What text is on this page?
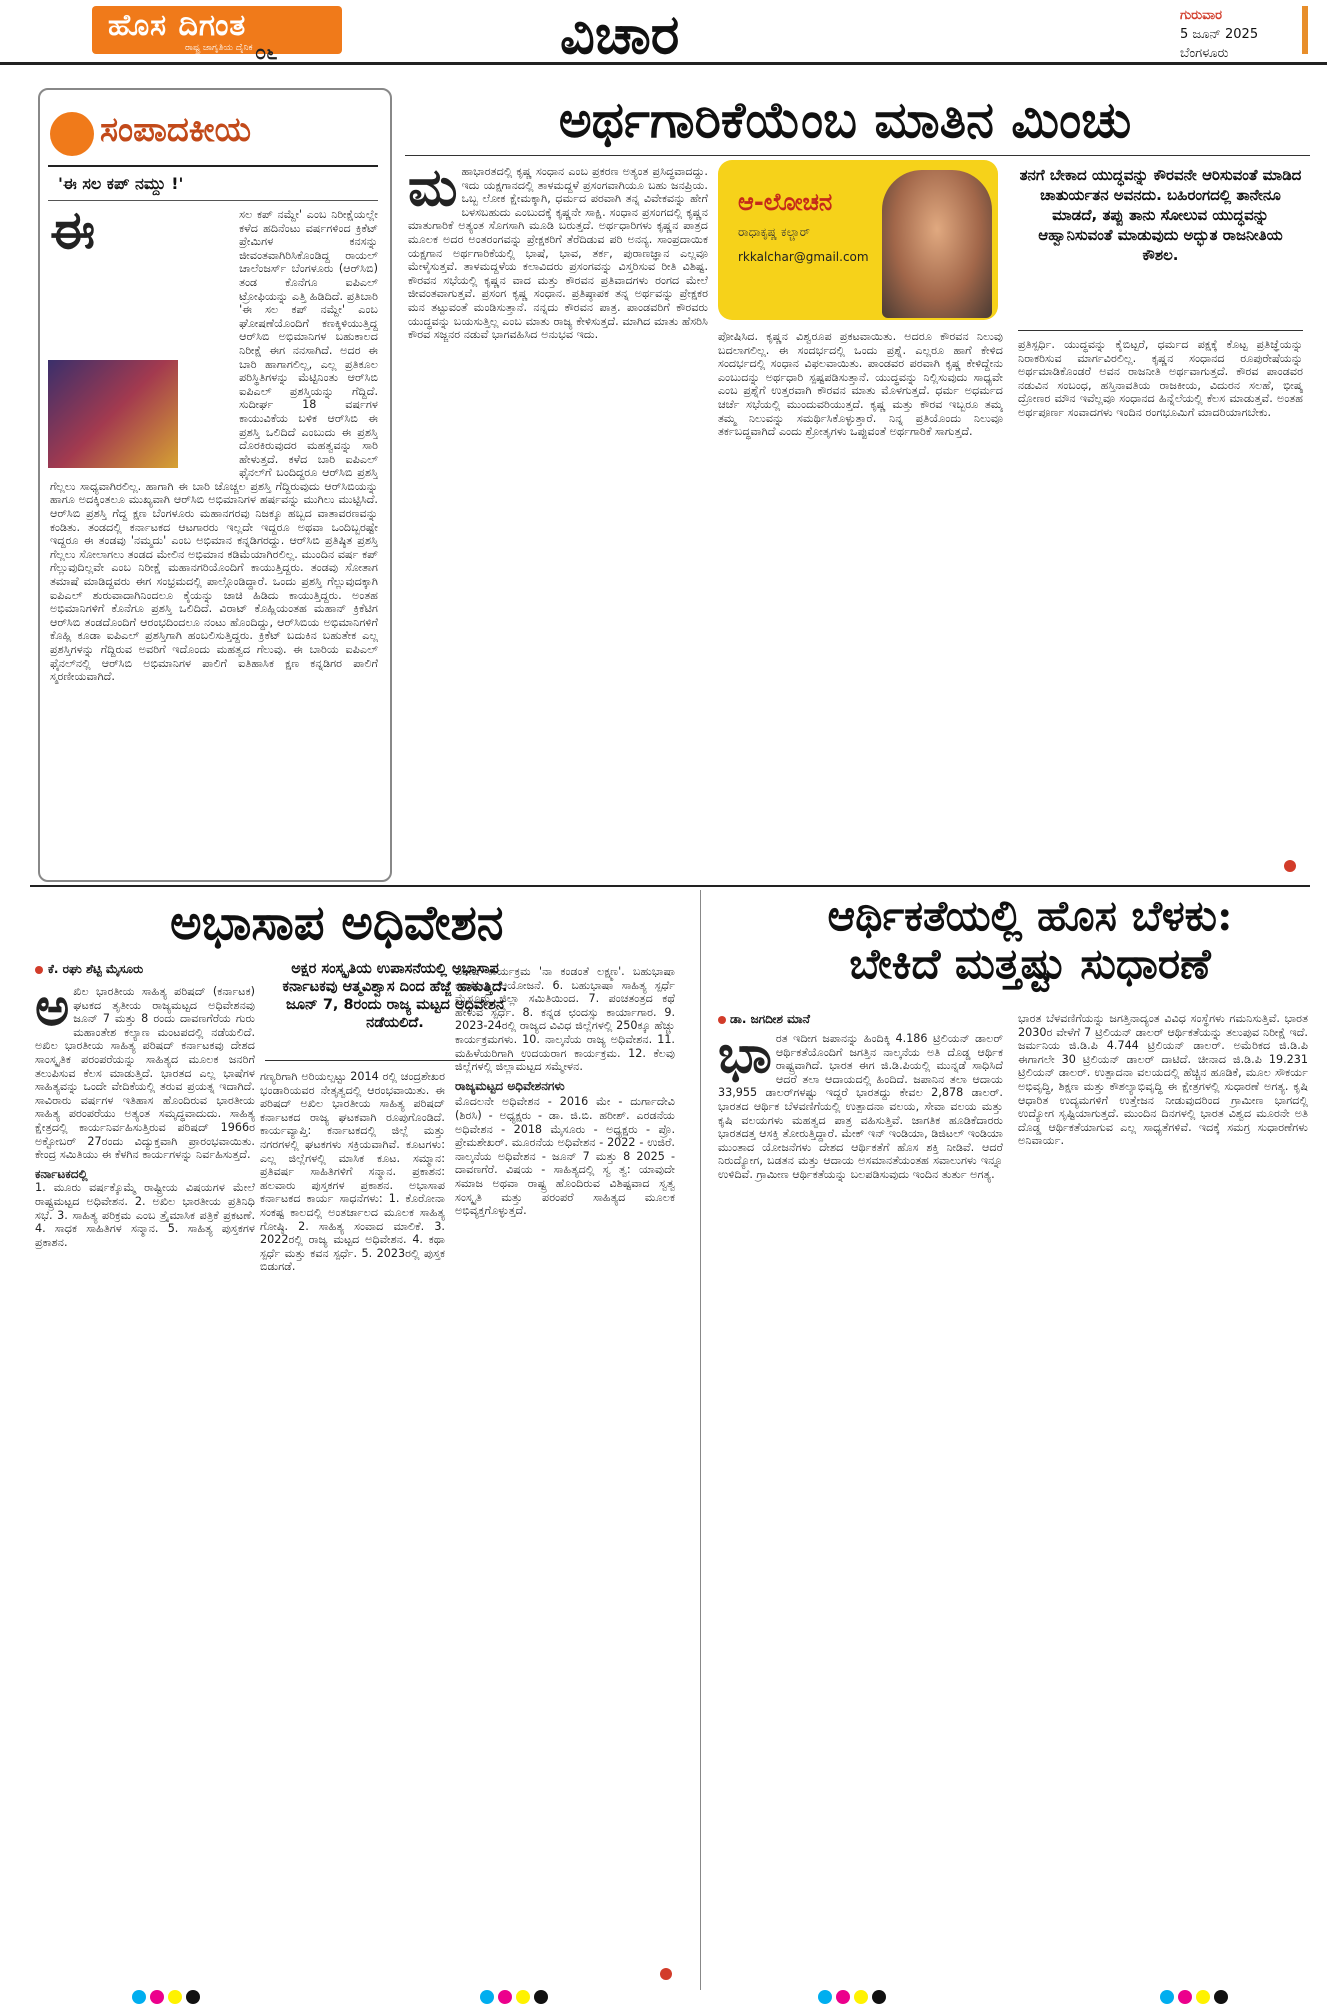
ಹೊಸ ದಿಗಂತ
ರಾಷ್ಟ್ರ ಜಾಗೃತಿಯ ದೈನಿಕ ೦೬	ವಿಚಾರ	ಗುರುವಾರ
5 ಜೂನ್ 2025
ಬೆಂಗಳೂರು
ಸಂಪಾದಕೀಯ
'ಈ ಸಲ ಕಪ್ ನಮ್ದು !'
ಈ	ಸಲ ಕಪ್ ನಮ್ದೇ' ಎಂಬ ನಿರೀಕ್ಷೆಯಲ್ಲೇ ಕಳೆದ ಹದಿನೆಂಟು ವರ್ಷಗಳಿಂದ ಕ್ರಿಕೆಟ್ ಪ್ರೇಮಿಗಳ ಕನಸನ್ನು ಜೀವಂತವಾಗಿರಿಸಿಕೊಂಡಿದ್ದ ರಾಯಲ್ ಚಾಲೆಂಜರ್ಸ್ ಬೆಂಗಳೂರು (ಆರ್‌ಸಿಬಿ) ತಂಡ ಕೊನೆಗೂ ಐಪಿಎಲ್ ಟ್ರೋಫಿಯನ್ನು ಎತ್ತಿ ಹಿಡಿದಿದೆ. ಪ್ರತಿಬಾರಿ 'ಈ ಸಲ ಕಪ್ ನಮ್ದೇ' ಎಂಬ ಘೋಷಣೆಯೊಂದಿಗೆ ಕಣಕ್ಕಿಳಿಯುತ್ತಿದ್ದ ಆರ್‌ಸಿಬಿ ಅಭಿಮಾನಿಗಳ ಬಹುಕಾಲದ ನಿರೀಕ್ಷೆ ಈಗ ನನಸಾಗಿದೆ. ಅದರ ಈ ಬಾರಿ ಹಾಗಾಗಲಿಲ್ಲ, ಎಲ್ಲ ಪ್ರತಿಕೂಲ ಪರಿಸ್ಥಿತಿಗಳನ್ನು ಮೆಟ್ಟಿನಿಂತು ಆರ್‌ಸಿಬಿ ಐಪಿಎಲ್ ಪ್ರಶಸ್ತಿಯನ್ನು ಗೆದ್ದಿದೆ. ಸುದೀರ್ಘ 18 ವರ್ಷಗಳ ಕಾಯುವಿಕೆಯ ಬಳಿಕ ಆರ್‌ಸಿಬಿ ಈ ಪ್ರಶಸ್ತಿ ಒಲಿದಿದೆ ಎಂಬುದು ಈ ಪ್ರಶಸ್ತಿ ದೊರಕಿರುವುದರ ಮಹತ್ವವನ್ನು ಸಾರಿ ಹೇಳುತ್ತದೆ. ಕಳೆದ ಬಾರಿ ಐಪಿಎಲ್ ಫೈನಲ್‌ಗೆ ಬಂದಿದ್ದರೂ ಆರ್‌ಸಿಬಿ ಪ್ರಶಸ್ತಿ ಗೆಲ್ಲಲು ಸಾಧ್ಯವಾಗಿರಲಿಲ್ಲ. ಹಾಗಾಗಿ ಈ ಬಾರಿ ಚೊಚ್ಚಲ ಪ್ರಶಸ್ತಿ ಗೆದ್ದಿರುವುದು ಆರ್‌ಸಿಬಿಯನ್ನು ಹಾಗೂ ಅದಕ್ಕಿಂತಲೂ ಮುಖ್ಯವಾಗಿ ಆರ್‌ಸಿಬಿ ಅಭಿಮಾನಿಗಳ ಹರ್ಷವನ್ನು ಮುಗಿಲು ಮುಟ್ಟಿಸಿದೆ. ಆರ್‌ಸಿಬಿ ಪ್ರಶಸ್ತಿ ಗೆದ್ದ ಕ್ಷಣ ಬೆಂಗಳೂರು ಮಹಾನಗರವು ನಿಜಕ್ಕೂ ಹಬ್ಬದ ವಾತಾವರಣವನ್ನು ಕಂಡಿತು. ತಂಡದಲ್ಲಿ ಕರ್ನಾಟಕದ ಆಟಗಾರರು ಇಲ್ಲದೇ ಇದ್ದರೂ ಅಥವಾ ಒಂದಿಬ್ಬರಷ್ಟೇ ಇದ್ದರೂ ಈ ತಂಡವು 'ನಮ್ಮದು' ಎಂಬ ಅಭಿಮಾನ ಕನ್ನಡಿಗರದ್ದು. ಆರ್‌ಸಿಬಿ ಪ್ರತಿಷ್ಠಿತ ಪ್ರಶಸ್ತಿ ಗೆಲ್ಲಲು ಸೋಲಾಗಲು ತಂಡದ ಮೇಲಿನ ಅಭಿಮಾನ ಕಡಿಮೆಯಾಗಿರಲಿಲ್ಲ. ಮುಂದಿನ ವರ್ಷ ಕಪ್ ಗೆಲ್ಲುವುದಿಲ್ಲವೇ ಎಂಬ ನಿರೀಕ್ಷೆ ಮಹಾನಗರಿಯೊಂದಿಗೆ ಕಾಯುತ್ತಿದ್ದರು. ತಂಡವು ಸೋತಾಗ ತಮಾಷೆ ಮಾಡಿದ್ದವರು ಈಗ ಸಂಭ್ರಮದಲ್ಲಿ ಪಾಲ್ಗೊಂಡಿದ್ದಾರೆ. ಒಂದು ಪ್ರಶಸ್ತಿ ಗೆಲ್ಲುವುದಕ್ಕಾಗಿ ಐಪಿಎಲ್ ಶುರುವಾದಾಗಿನಿಂದಲೂ ಕೈಯನ್ನು ಚಾಚಿ ಹಿಡಿದು ಕಾಯುತ್ತಿದ್ದರು. ಅಂತಹ ಅಭಿಮಾನಿಗಳಿಗೆ ಕೊನೆಗೂ ಪ್ರಶಸ್ತಿ ಒಲಿದಿದೆ. ವಿರಾಟ್ ಕೊಹ್ಲಿಯಂತಹ ಮಹಾನ್ ಕ್ರಿಕೆಟಿಗ ಆರ್‌ಸಿಬಿ ತಂಡದೊಂದಿಗೆ ಆರಂಭದಿಂದಲೂ ನಂಟು ಹೊಂದಿದ್ದು, ಆರ್‌ಸಿಬಿಯ ಅಭಿಮಾನಿಗಳಿಗೆ ಕೊಹ್ಲಿ ಕೂಡಾ ಐಪಿಎಲ್ ಪ್ರಶಸ್ತಿಗಾಗಿ ಹಂಬಲಿಸುತ್ತಿದ್ದರು. ಕ್ರಿಕೆಟ್ ಬದುಕಿನ ಬಹುತೇಕ ಎಲ್ಲ ಪ್ರಶಸ್ತಿಗಳನ್ನು ಗೆದ್ದಿರುವ ಅವರಿಗೆ ಇದೊಂದು ಮಹತ್ವದ ಗೆಲುವು. ಈ ಬಾರಿಯ ಐಪಿಎಲ್ ಫೈನಲ್‌ನಲ್ಲಿ ಆರ್‌ಸಿಬಿ ಅಭಿಮಾನಿಗಳ ಪಾಲಿಗೆ ಐತಿಹಾಸಿಕ ಕ್ಷಣ ಕನ್ನಡಿಗರ ಪಾಲಿಗೆ ಸ್ಮರಣೀಯವಾಗಿದೆ.
ಅರ್ಥಗಾರಿಕೆಯೆಂಬ ಮಾತಿನ ಮಿಂಚು
ಮ ಹಾಭಾರತದಲ್ಲಿ ಕೃಷ್ಣ ಸಂಧಾನ ಎಂಬ ಪ್ರಕರಣ ಅತ್ಯಂತ ಪ್ರಸಿದ್ಧವಾದದ್ದು. ಇದು ಯಕ್ಷಗಾನದಲ್ಲಿ ತಾಳಮದ್ದಳೆ ಪ್ರಸಂಗವಾಗಿಯೂ ಬಹು ಜನಪ್ರಿಯ. ಒಬ್ಬ ಲೋಕ ಕ್ಷೇಮಕ್ಕಾಗಿ, ಧರ್ಮದ ಪರವಾಗಿ ತನ್ನ ವಿವೇಕವನ್ನು ಹೇಗೆ ಬಳಸಬಹುದು ಎಂಬುದಕ್ಕೆ ಕೃಷ್ಣನೇ ಸಾಕ್ಷಿ. ಸಂಧಾನ ಪ್ರಸಂಗದಲ್ಲಿ ಕೃಷ್ಣನ ಮಾತುಗಾರಿಕೆ ಅತ್ಯಂತ ಸೊಗಸಾಗಿ ಮೂಡಿ ಬರುತ್ತದೆ. ಅರ್ಥಧಾರಿಗಳು ಕೃಷ್ಣನ ಪಾತ್ರದ ಮೂಲಕ ಅದರ ಅಂತರಂಗವನ್ನು ಪ್ರೇಕ್ಷಕರಿಗೆ ತೆರೆದಿಡುವ ಪರಿ ಅನನ್ಯ. ಸಾಂಪ್ರದಾಯಿಕ ಯಕ್ಷಗಾನ ಅರ್ಥಗಾರಿಕೆಯಲ್ಲಿ ಭಾಷೆ, ಭಾವ, ತರ್ಕ, ಪುರಾಣಜ್ಞಾನ ಎಲ್ಲವೂ ಮೇಳೈಸುತ್ತವೆ. ತಾಳಮದ್ದಳೆಯ ಕಲಾವಿದರು ಪ್ರಸಂಗವನ್ನು ವಿಸ್ತರಿಸುವ ರೀತಿ ವಿಶಿಷ್ಟ. ಕೌರವನ ಸಭೆಯಲ್ಲಿ ಕೃಷ್ಣನ ವಾದ ಮತ್ತು ಕೌರವನ ಪ್ರತಿವಾದಗಳು ರಂಗದ ಮೇಲೆ ಜೀವಂತವಾಗುತ್ತವೆ. ಪ್ರಸಂಗ ಕೃಷ್ಣ ಸಂಧಾನ. ಪ್ರತಿಷ್ಠಾಪಕ ತನ್ನ ಅರ್ಥವನ್ನು ಪ್ರೇಕ್ಷಕರ ಮನ ತಟ್ಟುವಂತೆ ಮಂಡಿಸುತ್ತಾನೆ. ನನ್ನದು ಕೌರವನ ಪಾತ್ರ. ಪಾಂಡವರಿಗೆ ಕೌರವರು ಯುದ್ಧವನ್ನು ಬಯಸುತ್ತಿಲ್ಲ ಎಂಬ ಮಾತು ರಾಜ್ಯ ಕೇಳಿಸುತ್ತದೆ. ಮಾಗಿದ ಮಾತು ಹೆಸರಿಸಿ ಕೌರವ ಸಜ್ಜನರ ನಡುವೆ ಭಾಗವಹಿಸಿದ ಅನುಭವ ಇದು.
ಆ-ಲೋಚನ
ರಾಧಾಕೃಷ್ಣ ಕಲ್ಚಾರ್
rkkalchar@gmail.com
ಪೋಷಿಸಿದ. ಕೃಷ್ಣನ ವಿಶ್ವರೂಪ ಪ್ರಕಟವಾಯಿತು. ಅದರೂ ಕೌರವನ ನಿಲುವು ಬದಲಾಗಲಿಲ್ಲ. ಈ ಸಂದರ್ಭದಲ್ಲಿ ಒಂದು ಪ್ರಶ್ನೆ. ಎಲ್ಲರೂ ಹಾಗೆ ಕೇಳಿದ ಸಂದರ್ಭದಲ್ಲಿ ಸಂಧಾನ ವಿಫಲವಾಯಿತು. ಪಾಂಡವರ ಪರವಾಗಿ ಕೃಷ್ಣ ಕೇಳಿದ್ದೇನು ಎಂಬುದನ್ನು ಅರ್ಥಧಾರಿ ಸ್ಪಷ್ಟಪಡಿಸುತ್ತಾನೆ. ಯುದ್ಧವನ್ನು ನಿಲ್ಲಿಸುವುದು ಸಾಧ್ಯವೇ ಎಂಬ ಪ್ರಶ್ನೆಗೆ ಉತ್ತರವಾಗಿ ಕೌರವನ ಮಾತು ಮೊಳಗುತ್ತದೆ. ಧರ್ಮ ಅಧರ್ಮದ ಚರ್ಚೆ ಸಭೆಯಲ್ಲಿ ಮುಂದುವರಿಯುತ್ತದೆ. ಕೃಷ್ಣ ಮತ್ತು ಕೌರವ ಇಬ್ಬರೂ ತಮ್ಮ ತಮ್ಮ ನಿಲುವನ್ನು ಸಮರ್ಥಿಸಿಕೊಳ್ಳುತ್ತಾರೆ. ನಿನ್ನ ಪ್ರತಿಯೊಂದು ನಿಲುವೂ ತರ್ಕಬದ್ಧವಾಗಿದೆ ಎಂದು ಶ್ರೋತೃಗಳು ಒಪ್ಪುವಂತೆ ಅರ್ಥಗಾರಿಕೆ ಸಾಗುತ್ತದೆ.
ತನಗೆ ಬೇಕಾದ ಯುದ್ಧವನ್ನು ಕೌರವನೇ ಆರಿಸುವಂತೆ ಮಾಡಿದ ಚಾತುರ್ಯತನ ಅವನದು. ಬಹಿರಂಗದಲ್ಲಿ ತಾನೇನೂ ಮಾಡದೆ, ತಪ್ಪು ತಾನು ಸೋಲುವ ಯುದ್ಧವನ್ನು ಆಹ್ವಾನಿಸುವಂತೆ ಮಾಡುವುದು ಅದ್ಭುತ ರಾಜನೀತಿಯ ಕೌಶಲ.
ಪ್ರತಿಸ್ಪರ್ಧಿ. ಯುದ್ಧವನ್ನು ಕೈಬಿಟ್ಟರೆ, ಧರ್ಮದ ಪಕ್ಷಕ್ಕೆ ಕೊಟ್ಟ ಪ್ರತಿಜ್ಞೆಯನ್ನು ನಿರಾಕರಿಸುವ ಮಾರ್ಗವಿರಲಿಲ್ಲ. ಕೃಷ್ಣನ ಸಂಧಾನದ ರೂಪುರೇಷೆಯನ್ನು ಅರ್ಥಮಾಡಿಕೊಂಡರೆ ಅವನ ರಾಜನೀತಿ ಅರ್ಥವಾಗುತ್ತದೆ. ಕೌರವ ಪಾಂಡವರ ನಡುವಿನ ಸಂಬಂಧ, ಹಸ್ತಿನಾವತಿಯ ರಾಜಕೀಯ, ವಿದುರನ ಸಲಹೆ, ಭೀಷ್ಮ ದ್ರೋಣರ ಮೌನ ಇವೆಲ್ಲವೂ ಸಂಧಾನದ ಹಿನ್ನೆಲೆಯಲ್ಲಿ ಕೆಲಸ ಮಾಡುತ್ತವೆ. ಅಂತಹ ಅರ್ಥಪೂರ್ಣ ಸಂವಾದಗಳು ಇಂದಿನ ರಂಗಭೂಮಿಗೆ ಮಾದರಿಯಾಗಬೇಕು.
ಅಭಾಸಾಪ ಅಧಿವೇಶನ
ಕೆ. ರಘು ಶೆಟ್ಟಿ ಮೈಸೂರು
ಅ ಖಿಲ ಭಾರತೀಯ ಸಾಹಿತ್ಯ ಪರಿಷದ್ (ಕರ್ನಾಟಕ) ಘಟಕದ ತೃತೀಯ ರಾಜ್ಯಮಟ್ಟದ ಅಧಿವೇಶನವು ಜೂನ್ 7 ಮತ್ತು 8 ರಂದು ದಾವಣಗೆರೆಯ ಗುರು ಮಹಾಂತೇಶ ಕಲ್ಯಾಣ ಮಂಟಪದಲ್ಲಿ ನಡೆಯಲಿದೆ. ಅಖಿಲ ಭಾರತೀಯ ಸಾಹಿತ್ಯ ಪರಿಷದ್ ಕರ್ನಾಟಕವು ದೇಶದ ಸಾಂಸ್ಕೃತಿಕ ಪರಂಪರೆಯನ್ನು ಸಾಹಿತ್ಯದ ಮೂಲಕ ಜನರಿಗೆ ತಲುಪಿಸುವ ಕೆಲಸ ಮಾಡುತ್ತಿದೆ. ಭಾರತದ ಎಲ್ಲ ಭಾಷೆಗಳ ಸಾಹಿತ್ಯವನ್ನು ಒಂದೇ ವೇದಿಕೆಯಲ್ಲಿ ತರುವ ಪ್ರಯತ್ನ ಇದಾಗಿದೆ. ಸಾವಿರಾರು ವರ್ಷಗಳ ಇತಿಹಾಸ ಹೊಂದಿರುವ ಭಾರತೀಯ ಸಾಹಿತ್ಯ ಪರಂಪರೆಯು ಅತ್ಯಂತ ಸಮೃದ್ಧವಾದುದು. ಸಾಹಿತ್ಯ ಕ್ಷೇತ್ರದಲ್ಲಿ ಕಾರ್ಯನಿರ್ವಹಿಸುತ್ತಿರುವ ಪರಿಷದ್ 1966ರ ಅಕ್ಟೋಬರ್ 27ರಂದು ವಿದ್ಯುಕ್ತವಾಗಿ ಪ್ರಾರಂಭವಾಯಿತು. ಕೇಂದ್ರ ಸಮಿತಿಯು ಈ ಕೆಳಗಿನ ಕಾರ್ಯಗಳನ್ನು ನಿರ್ವಹಿಸುತ್ತದೆ.
ಕರ್ನಾಟಕದಲ್ಲಿ
1. ಮೂರು ವರ್ಷಕ್ಕೊಮ್ಮೆ ರಾಷ್ಟ್ರೀಯ ವಿಷಯಗಳ ಮೇಲೆ ರಾಷ್ಟ್ರಮಟ್ಟದ ಅಧಿವೇಶನ. 2. ಅಖಿಲ ಭಾರತೀಯ ಪ್ರತಿನಿಧಿ ಸಭೆ. 3. ಸಾಹಿತ್ಯ ಪರಿಕ್ರಮ ಎಂಬ ತ್ರೈಮಾಸಿಕ ಪತ್ರಿಕೆ ಪ್ರಕಟಣೆ. 4. ಸಾಧಕ ಸಾಹಿತಿಗಳ ಸನ್ಮಾನ. 5. ಸಾಹಿತ್ಯ ಪುಸ್ತಕಗಳ ಪ್ರಕಾಶನ.
ಅಕ್ಷರ ಸಂಸ್ಕೃತಿಯ ಉಪಾಸನೆಯಲ್ಲಿ ಅಭಾಸಾಪ ಕರ್ನಾಟಕವು ಆತ್ಮವಿಶ್ವಾಸ ದಿಂದ ಹೆಜ್ಜೆ ಹಾಕುತ್ತಿದೆ. ಜೂನ್ 7, 8ರಂದು ರಾಜ್ಯ ಮಟ್ಟದ ಅಧಿವೇಶನ ನಡೆಯಲಿದೆ.
ಗಣ್ಯರಿಗಾಗಿ ಅರಿಯಲ್ಪಟ್ಟು 2014 ರಲ್ಲಿ ಚಂದ್ರಶೇಖರ ಭಂಡಾರಿಯವರ ನೇತೃತ್ವದಲ್ಲಿ ಆರಂಭವಾಯಿತು. ಈ ಪರಿಷದ್ ಅಖಿಲ ಭಾರತೀಯ ಸಾಹಿತ್ಯ ಪರಿಷದ್ ಕರ್ನಾಟಕದ ರಾಜ್ಯ ಘಟಕವಾಗಿ ರೂಪುಗೊಂಡಿದೆ. ಕಾರ್ಯವ್ಯಾಪ್ತಿ: ಕರ್ನಾಟಕದಲ್ಲಿ ಜಿಲ್ಲೆ ಮತ್ತು ನಗರಗಳಲ್ಲಿ ಘಟಕಗಳು ಸಕ್ರಿಯವಾಗಿವೆ. ಕೂಟಗಳು: ಎಲ್ಲ ಜಿಲ್ಲೆಗಳಲ್ಲಿ ಮಾಸಿಕ ಕೂಟ. ಸಮ್ಮಾನ: ಪ್ರತಿವರ್ಷ ಸಾಹಿತಿಗಳಿಗೆ ಸನ್ಮಾನ. ಪ್ರಕಾಶನ: ಹಲವಾರು ಪುಸ್ತಕಗಳ ಪ್ರಕಾಶನ. ಅಭಾಸಾಪ ಕರ್ನಾಟಕದ ಕಾರ್ಯ ಸಾಧನೆಗಳು: 1. ಕೊರೋನಾ ಸಂಕಷ್ಟ ಕಾಲದಲ್ಲಿ ಅಂತರ್ಜಾಲದ ಮೂಲಕ ಸಾಹಿತ್ಯ ಗೋಷ್ಠಿ. 2. ಸಾಹಿತ್ಯ ಸಂವಾದ ಮಾಲಿಕೆ. 3. 2022ರಲ್ಲಿ ರಾಜ್ಯ ಮಟ್ಟದ ಅಧಿವೇಶನ. 4. ಕಥಾ ಸ್ಪರ್ಧೆ ಮತ್ತು ಕವನ ಸ್ಪರ್ಧೆ. 5. 2023ರಲ್ಲಿ ಪುಸ್ತಕ ಬಿಡುಗಡೆ.
ವಿಶೇಷ ಕಾರ್ಯಕ್ರಮ 'ನಾ ಕಂಡಂತೆ ಲಕ್ಷ್ಮಣ'. ಬಹುಭಾಷಾ ಕವಿಗೋಷ್ಠಿ ಆಯೋಜನೆ. 6. ಬಹುಭಾಷಾ ಸಾಹಿತ್ಯ ಸ್ಪರ್ಧೆ ಮೈಸೂರು ಜಿಲ್ಲಾ ಸಮಿತಿಯಿಂದ. 7. ಪಂಚತಂತ್ರದ ಕಥೆ ಹೇಳುವ ಸ್ಪರ್ಧೆ. 8. ಕನ್ನಡ ಛಂದಸ್ಸು ಕಾರ್ಯಾಗಾರ. 9. 2023-24ರಲ್ಲಿ ರಾಜ್ಯದ ವಿವಿಧ ಜಿಲ್ಲೆಗಳಲ್ಲಿ 250ಕ್ಕೂ ಹೆಚ್ಚು ಕಾರ್ಯಕ್ರಮಗಳು. 10. ನಾಲ್ಕನೆಯ ರಾಜ್ಯ ಅಧಿವೇಶನ. 11. ಮಹಿಳೆಯರಿಗಾಗಿ ಉದಯರಾಗ ಕಾರ್ಯಕ್ರಮ. 12. ಕೆಲವು ಜಿಲ್ಲೆಗಳಲ್ಲಿ ಜಿಲ್ಲಾಮಟ್ಟದ ಸಮ್ಮೇಳನ.
ರಾಜ್ಯಮಟ್ಟದ ಅಧಿವೇಶನಗಳು
ಮೊದಲನೇ ಅಧಿವೇಶನ - 2016 ಮೇ - ದುರ್ಗಾದೇವಿ (ಶಿರಸಿ) - ಅಧ್ಯಕ್ಷರು - ಡಾ. ಜಿ.ಬಿ. ಹರೀಶ್. ಎರಡನೆಯ ಅಧಿವೇಶನ - 2018 ಮೈಸೂರು - ಅಧ್ಯಕ್ಷರು - ಪ್ರೊ. ಪ್ರೇಮಶೇಖರ್. ಮೂರನೆಯ ಅಧಿವೇಶನ - 2022 - ಉಜಿರೆ. ನಾಲ್ಕನೆಯ ಅಧಿವೇಶನ - ಜೂನ್ 7 ಮತ್ತು 8 2025 - ದಾವಣಗೆರೆ. ವಿಷಯ - ಸಾಹಿತ್ಯದಲ್ಲಿ ಸ್ವ ತ್ವ: ಯಾವುದೇ ಸಮಾಜ ಅಥವಾ ರಾಷ್ಟ್ರ ಹೊಂದಿರುವ ವಿಶಿಷ್ಟವಾದ ಸ್ವತ್ವ ಸಂಸ್ಕೃತಿ ಮತ್ತು ಪರಂಪರೆ ಸಾಹಿತ್ಯದ ಮೂಲಕ ಅಭಿವ್ಯಕ್ತಗೊಳ್ಳುತ್ತದೆ.
ಆರ್ಥಿಕತೆಯಲ್ಲಿ ಹೊಸ ಬೆಳಕು:
ಬೇಕಿದೆ ಮತ್ತಷ್ಟು ಸುಧಾರಣೆ
ಡಾ. ಜಗದೀಶ ಮಾನೆ
ಭಾ ರತ ಇದೀಗ ಜಪಾನನ್ನು ಹಿಂದಿಕ್ಕಿ 4.186 ಟ್ರಿಲಿಯನ್ ಡಾಲರ್ ಆರ್ಥಿಕತೆಯೊಂದಿಗೆ ಜಗತ್ತಿನ ನಾಲ್ಕನೆಯ ಅತಿ ದೊಡ್ಡ ಆರ್ಥಿಕ ರಾಷ್ಟ್ರವಾಗಿದೆ. ಭಾರತ ಈಗ ಜಿ.ಡಿ.ಪಿಯಲ್ಲಿ ಮುನ್ನಡೆ ಸಾಧಿಸಿದೆ ಆದರೆ ತಲಾ ಆದಾಯದಲ್ಲಿ ಹಿಂದಿದೆ. ಜಪಾನಿನ ತಲಾ ಆದಾಯ 33,955 ಡಾಲರ್‌ಗಳಷ್ಟು ಇದ್ದರೆ ಭಾರತದ್ದು ಕೇವಲ 2,878 ಡಾಲರ್. ಭಾರತದ ಆರ್ಥಿಕ ಬೆಳವಣಿಗೆಯಲ್ಲಿ ಉತ್ಪಾದನಾ ವಲಯ, ಸೇವಾ ವಲಯ ಮತ್ತು ಕೃಷಿ ವಲಯಗಳು ಮಹತ್ವದ ಪಾತ್ರ ವಹಿಸುತ್ತಿವೆ. ಜಾಗತಿಕ ಹೂಡಿಕೆದಾರರು ಭಾರತದತ್ತ ಆಸಕ್ತಿ ತೋರುತ್ತಿದ್ದಾರೆ. ಮೇಕ್ ಇನ್ ಇಂಡಿಯಾ, ಡಿಜಿಟಲ್ ಇಂಡಿಯಾ ಮುಂತಾದ ಯೋಜನೆಗಳು ದೇಶದ ಆರ್ಥಿಕತೆಗೆ ಹೊಸ ಶಕ್ತಿ ನೀಡಿವೆ. ಆದರೆ ನಿರುದ್ಯೋಗ, ಬಡತನ ಮತ್ತು ಆದಾಯ ಅಸಮಾನತೆಯಂತಹ ಸವಾಲುಗಳು ಇನ್ನೂ ಉಳಿದಿವೆ. ಗ್ರಾಮೀಣ ಆರ್ಥಿಕತೆಯನ್ನು ಬಲಪಡಿಸುವುದು ಇಂದಿನ ತುರ್ತು ಅಗತ್ಯ.
ಭಾರತ ಬೆಳವಣಿಗೆಯನ್ನು ಜಗತ್ತಿನಾದ್ಯಂತ ವಿವಿಧ ಸಂಸ್ಥೆಗಳು ಗಮನಿಸುತ್ತಿವೆ. ಭಾರತ 2030ರ ವೇಳೆಗೆ 7 ಟ್ರಿಲಿಯನ್ ಡಾಲರ್ ಆರ್ಥಿಕತೆಯನ್ನು ತಲುಪುವ ನಿರೀಕ್ಷೆ ಇದೆ. ಜರ್ಮನಿಯ ಜಿ.ಡಿ.ಪಿ 4.744 ಟ್ರಿಲಿಯನ್ ಡಾಲರ್. ಅಮೆರಿಕದ ಜಿ.ಡಿ.ಪಿ ಈಗಾಗಲೇ 30 ಟ್ರಿಲಿಯನ್ ಡಾಲರ್ ದಾಟಿದೆ. ಚೀನಾದ ಜಿ.ಡಿ.ಪಿ 19.231 ಟ್ರಿಲಿಯನ್ ಡಾಲರ್. ಉತ್ಪಾದನಾ ವಲಯದಲ್ಲಿ ಹೆಚ್ಚಿನ ಹೂಡಿಕೆ, ಮೂಲ ಸೌಕರ್ಯ ಅಭಿವೃದ್ಧಿ, ಶಿಕ್ಷಣ ಮತ್ತು ಕೌಶಲ್ಯಾಭಿವೃದ್ಧಿ ಈ ಕ್ಷೇತ್ರಗಳಲ್ಲಿ ಸುಧಾರಣೆ ಅಗತ್ಯ. ಕೃಷಿ ಆಧಾರಿತ ಉದ್ಯಮಗಳಿಗೆ ಉತ್ತೇಜನ ನೀಡುವುದರಿಂದ ಗ್ರಾಮೀಣ ಭಾಗದಲ್ಲಿ ಉದ್ಯೋಗ ಸೃಷ್ಟಿಯಾಗುತ್ತದೆ. ಮುಂದಿನ ದಿನಗಳಲ್ಲಿ ಭಾರತ ವಿಶ್ವದ ಮೂರನೇ ಅತಿ ದೊಡ್ಡ ಆರ್ಥಿಕತೆಯಾಗುವ ಎಲ್ಲ ಸಾಧ್ಯತೆಗಳಿವೆ. ಇದಕ್ಕೆ ಸಮಗ್ರ ಸುಧಾರಣೆಗಳು ಅನಿವಾರ್ಯ.
